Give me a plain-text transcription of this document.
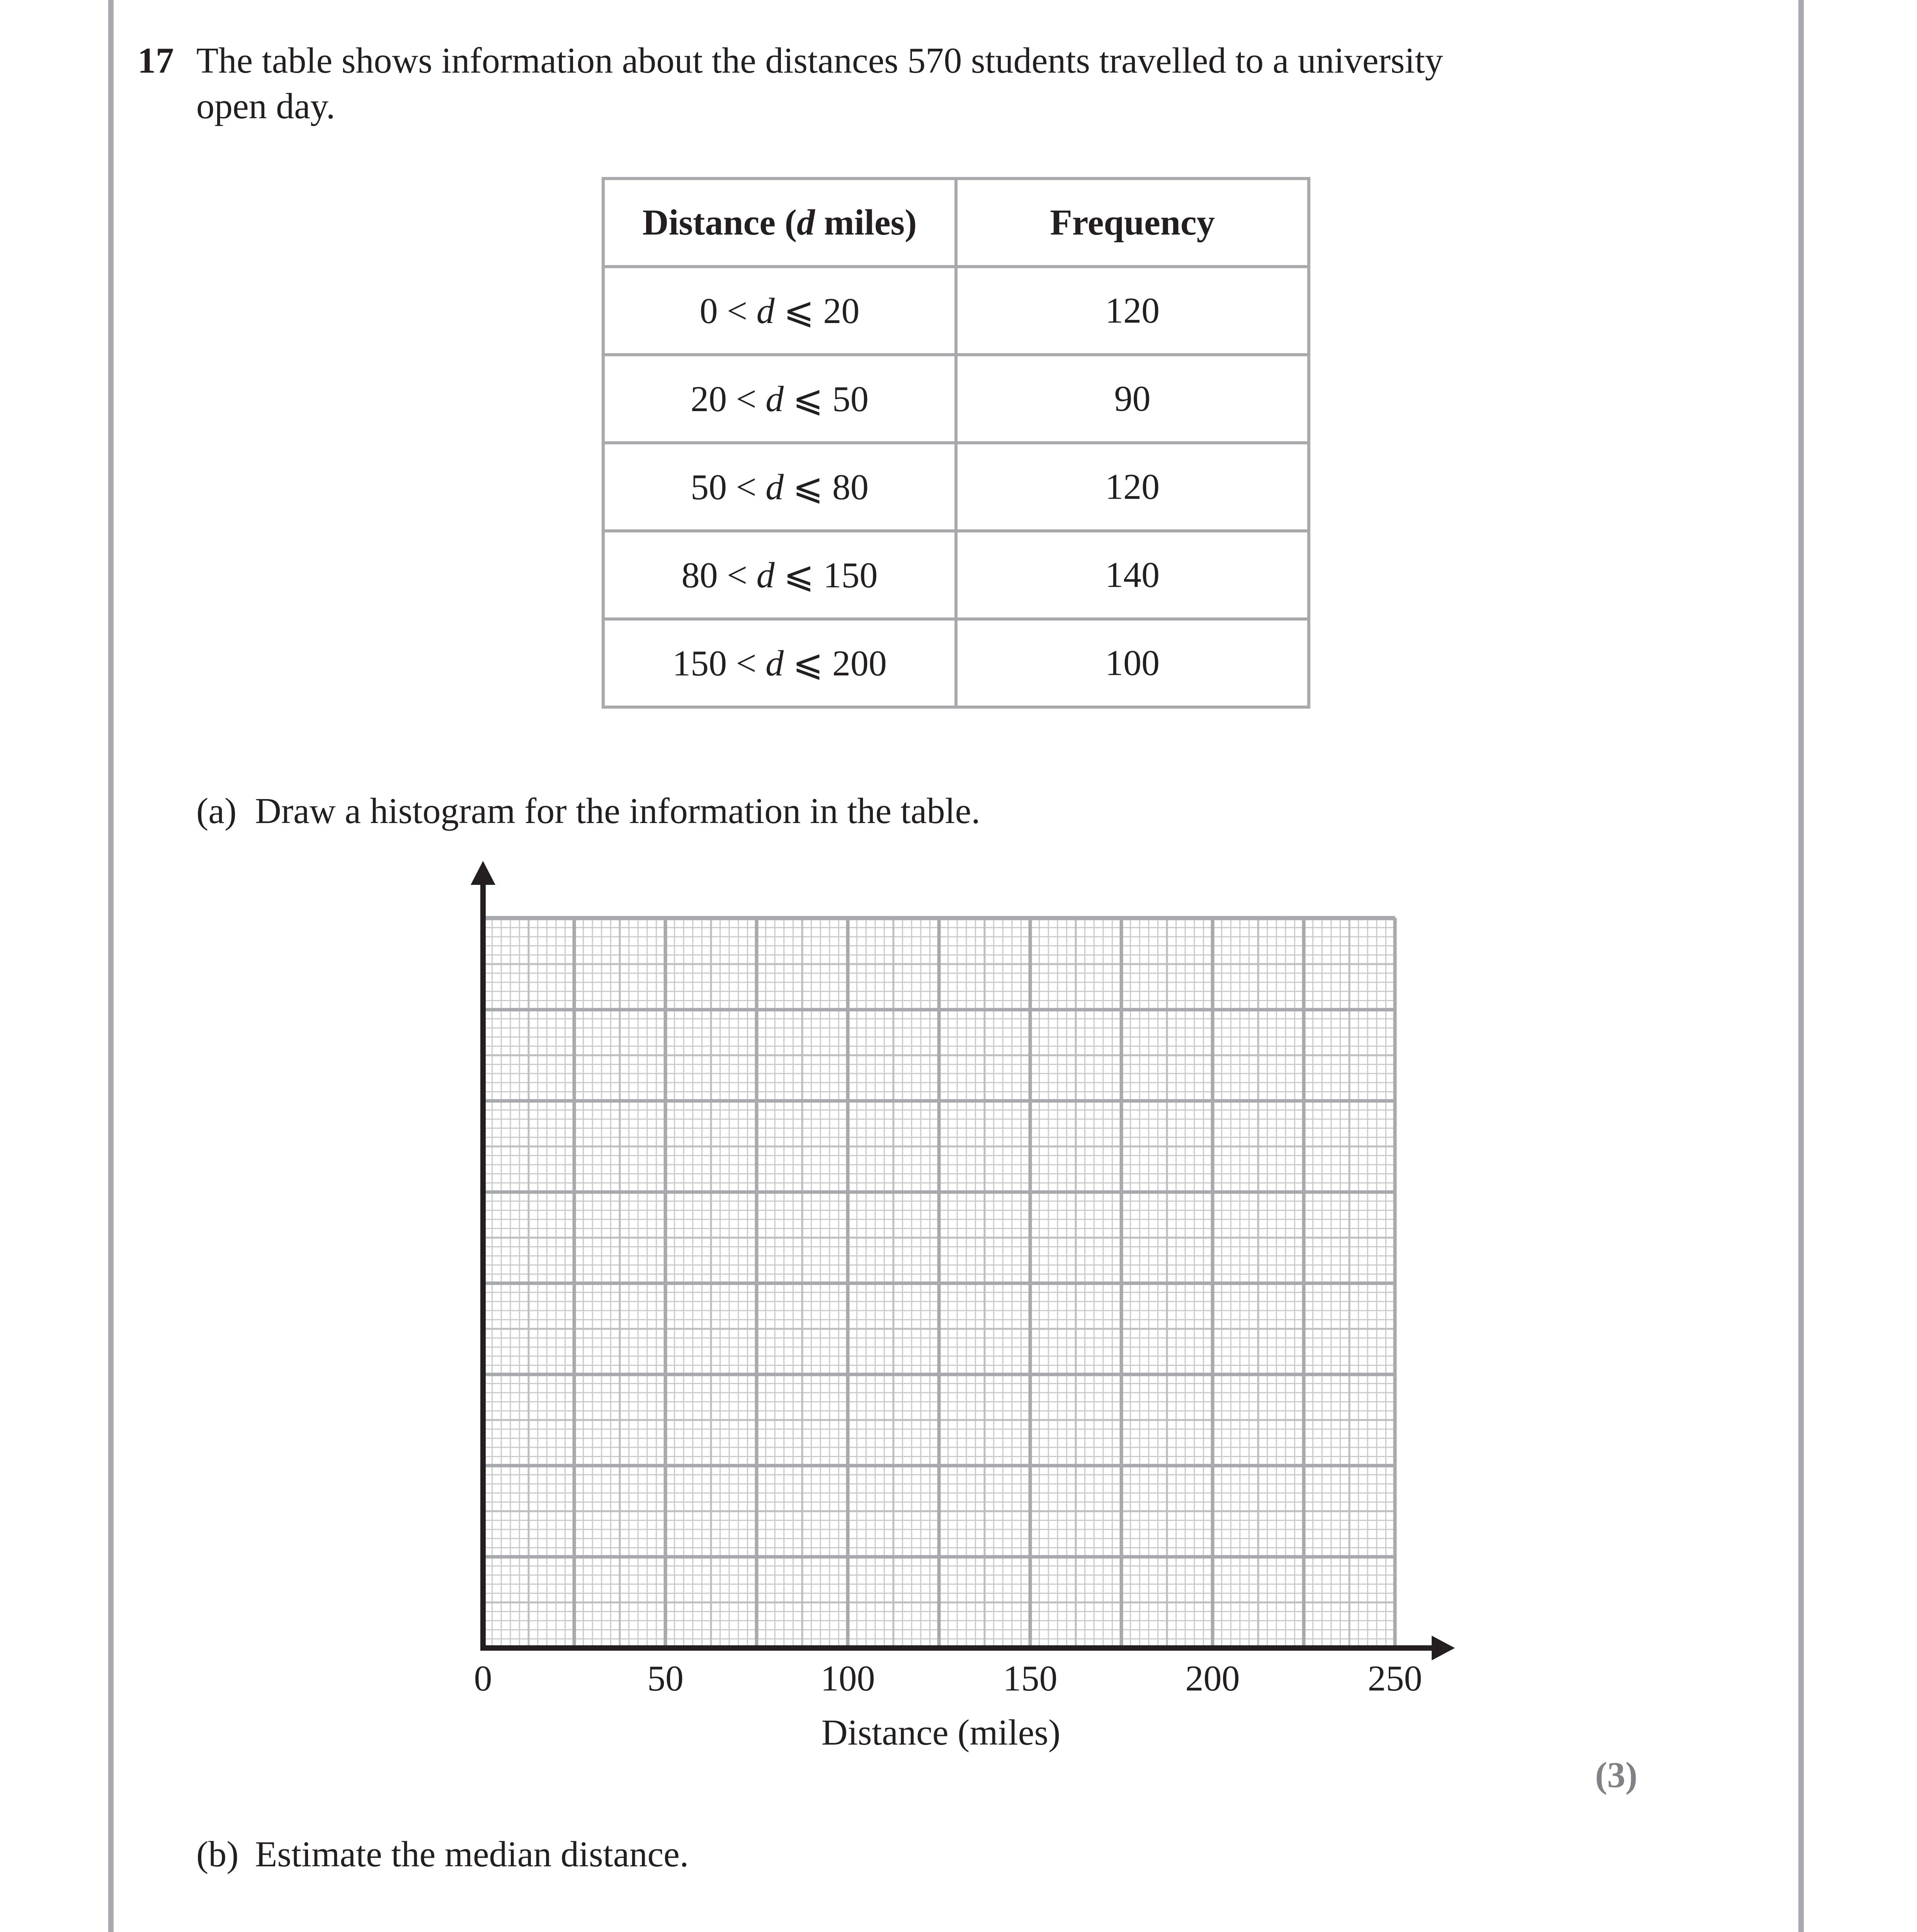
17 The table shows information about the distances 570 students travelled to a university
open day.
Distance (d miles)	Frequency
0 < d ⩽ 20	120
20 < d ⩽ 50	90
50 < d ⩽ 80	120
80 < d ⩽ 150	140
150 < d ⩽ 200	100
(a) Draw a histogram for the information in the table.
0	50	100	150	200	250
Distance (miles)
(3)
(b) Estimate the median distance.
